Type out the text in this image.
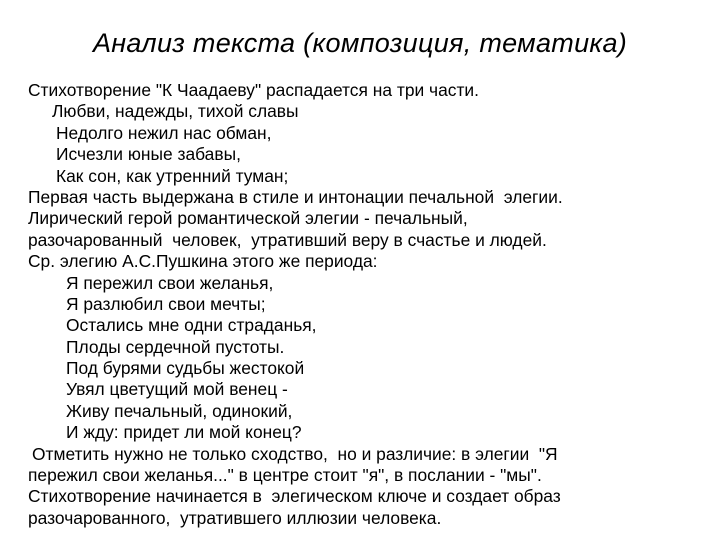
Анализ текста (композиция, тематика)

Стихотворение "К Чаадаеву" распадается на три части.

Любви, надежды, тихой славы

Недолго нежил нас обман,

Исчезли юные забавы,

Как сон, как утренний туман;

Первая часть выдержана в стиле и интонации печальной  элегии.

Лирический герой романтической элегии - печальный,

разочарованный  человек,  утративший веру в счастье и людей.

Ср. элегию А.С.Пушкина этого же периода:

Я пережил свои желанья,

Я разлюбил свои мечты;

Остались мне одни страданья,

Плоды сердечной пустоты.

Под бурями судьбы жестокой

Увял цветущий мой венец -

Живу печальный, одинокий,

И жду: придет ли мой конец?

Отметить нужно не только сходство,  но и различие: в элегии  "Я

пережил свои желанья..." в центре стоит "я", в послании - "мы".

Стихотворение начинается в  элегическом ключе и создает образ

разочарованного,  утратившего иллюзии человека.
